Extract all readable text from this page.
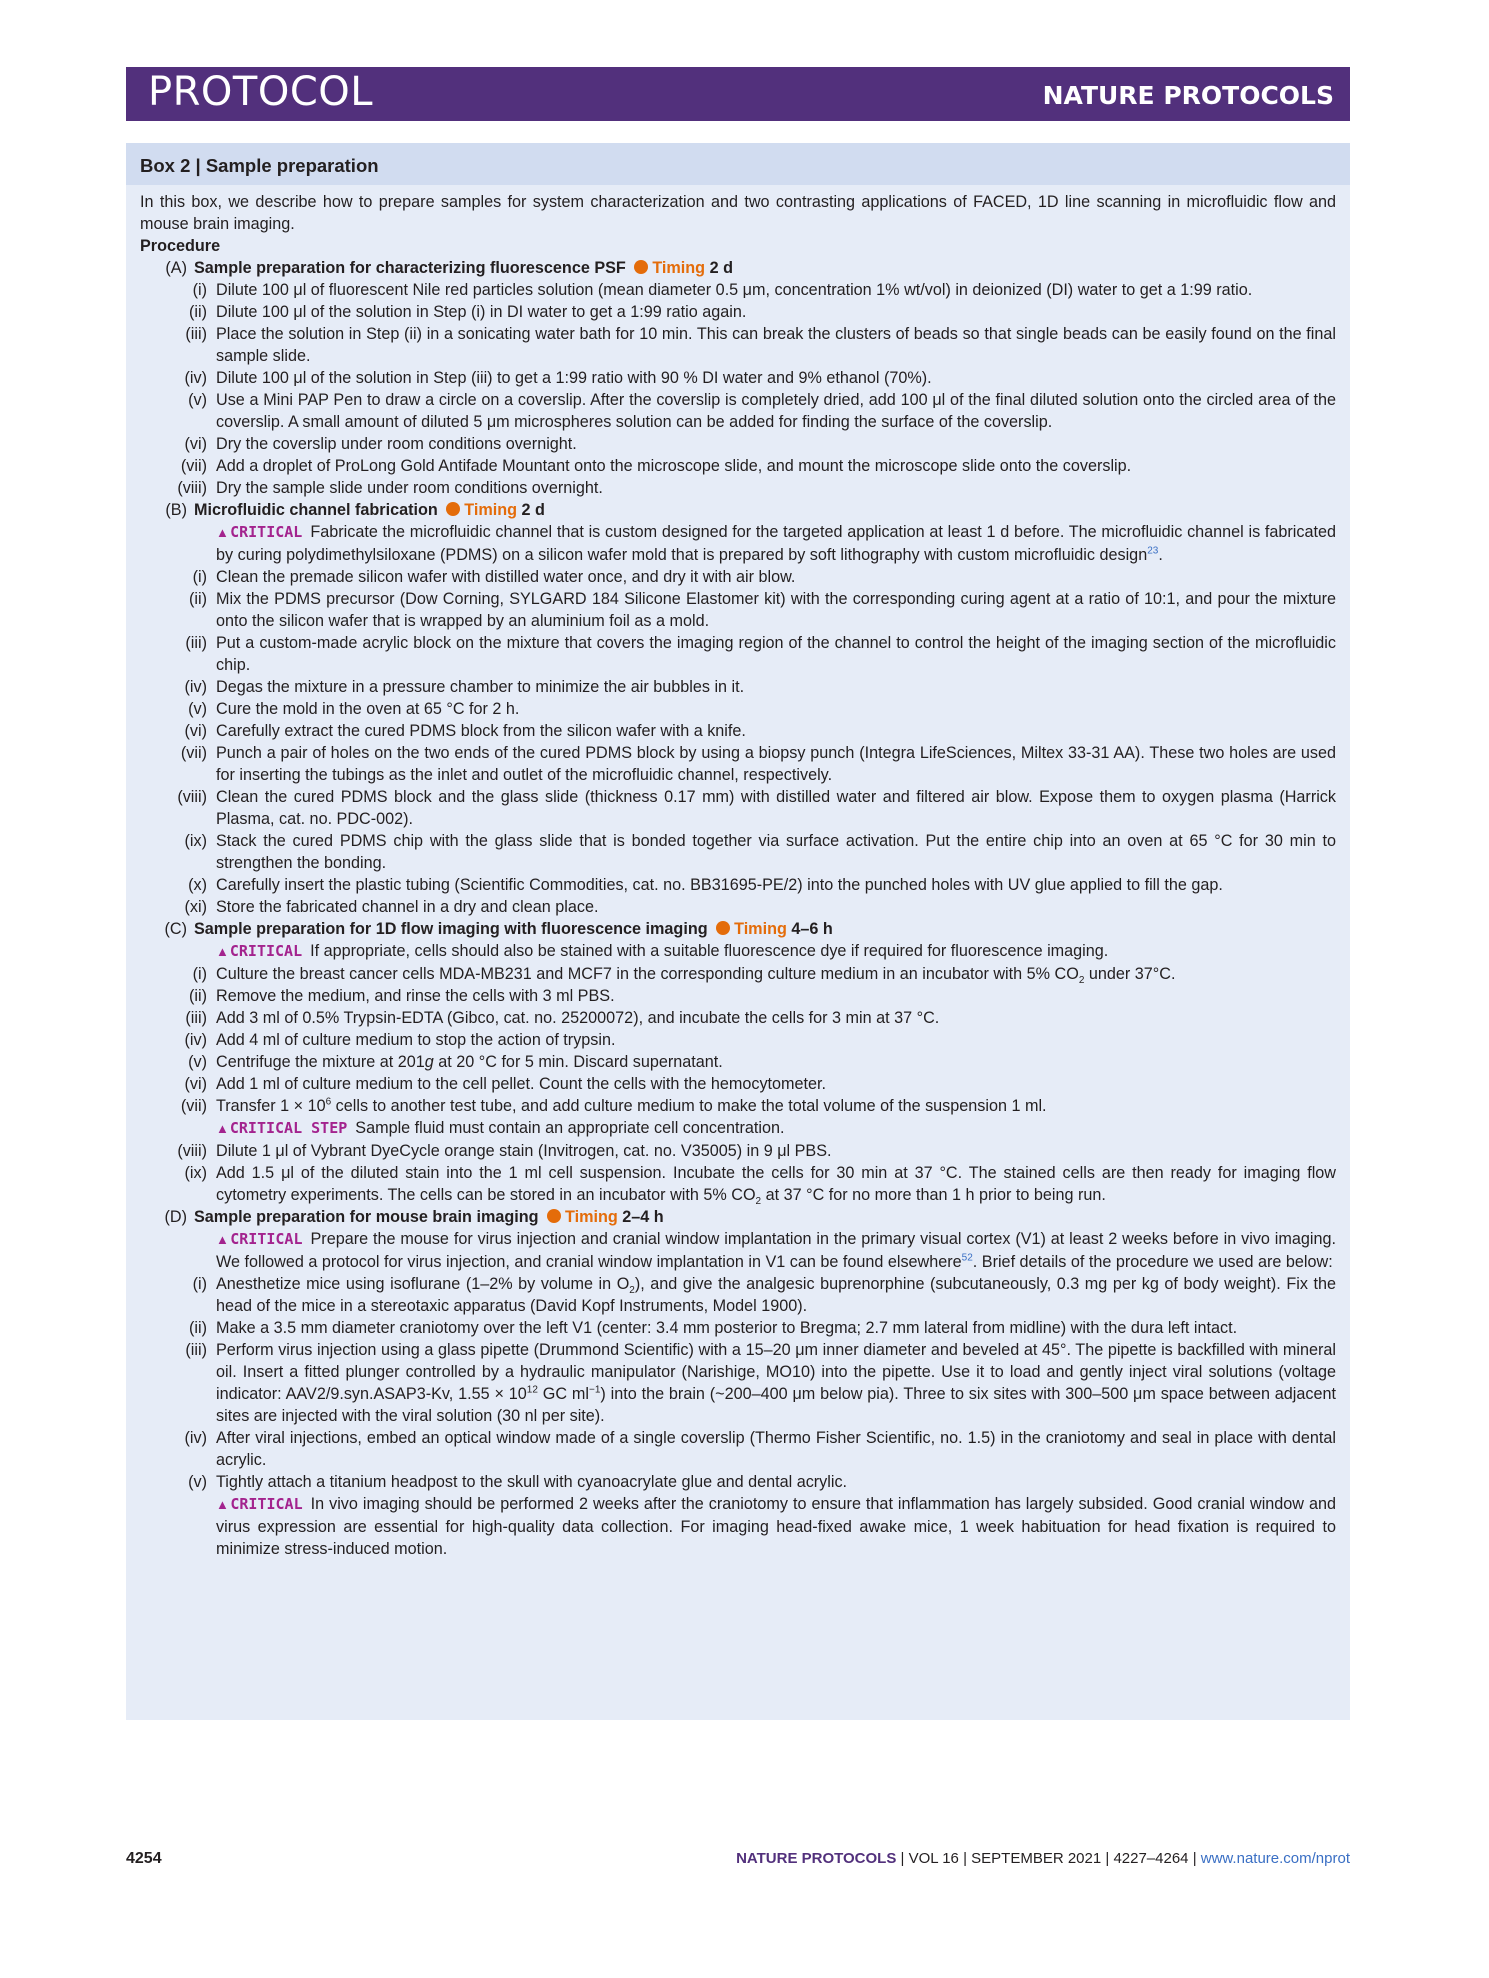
PROTOCOL	NATURE PROTOCOLS
Box 2 | Sample preparation

In this box, we describe how to prepare samples for system characterization and two contrasting applications of FACED, 1D line scanning in microfluidic flow and mouse brain imaging.

Procedure

(A) Sample preparation for characterizing fluorescence PSF Timing 2 d
(i) Dilute 100 μl of fluorescent Nile red particles solution (mean diameter 0.5 μm, concentration 1% wt/vol) in deionized (DI) water to get a 1:99 ratio.
(ii) Dilute 100 μl of the solution in Step (i) in DI water to get a 1:99 ratio again.
(iii) Place the solution in Step (ii) in a sonicating water bath for 10 min. This can break the clusters of beads so that single beads can be easily found on the final sample slide.
(iv) Dilute 100 μl of the solution in Step (iii) to get a 1:99 ratio with 90 % DI water and 9% ethanol (70%).
(v) Use a Mini PAP Pen to draw a circle on a coverslip. After the coverslip is completely dried, add 100 μl of the final diluted solution onto the circled area of the coverslip. A small amount of diluted 5 μm microspheres solution can be added for finding the surface of the coverslip.
(vi) Dry the coverslip under room conditions overnight.
(vii) Add a droplet of ProLong Gold Antifade Mountant onto the microscope slide, and mount the microscope slide onto the coverslip.
(viii) Dry the sample slide under room conditions overnight.
(B) Microfluidic channel fabrication Timing 2 d

▲CRITICAL Fabricate the microfluidic channel that is custom designed for the targeted application at least 1 d before. The microfluidic channel is fabricated by curing polydimethylsiloxane (PDMS) on a silicon wafer mold that is prepared by soft lithography with custom microfluidic design$^{23}$.

(i) Clean the premade silicon wafer with distilled water once, and dry it with air blow.
(ii) Mix the PDMS precursor (Dow Corning, SYLGARD 184 Silicone Elastomer kit) with the corresponding curing agent at a ratio of 10:1, and pour the mixture onto the silicon wafer that is wrapped by an aluminium foil as a mold.
(iii) Put a custom-made acrylic block on the mixture that covers the imaging region of the channel to control the height of the imaging section of the microfluidic chip.
(iv) Degas the mixture in a pressure chamber to minimize the air bubbles in it.
(v) Cure the mold in the oven at 65 °C for 2 h.
(vi) Carefully extract the cured PDMS block from the silicon wafer with a knife.
(vii) Punch a pair of holes on the two ends of the cured PDMS block by using a biopsy punch (Integra LifeSciences, Miltex 33-31 AA). These two holes are used for inserting the tubings as the inlet and outlet of the microfluidic channel, respectively.
(viii) Clean the cured PDMS block and the glass slide (thickness 0.17 mm) with distilled water and filtered air blow. Expose them to oxygen plasma (Harrick Plasma, cat. no. PDC-002).
(ix) Stack the cured PDMS chip with the glass slide that is bonded together via surface activation. Put the entire chip into an oven at 65 °C for 30 min to strengthen the bonding.
(x) Carefully insert the plastic tubing (Scientific Commodities, cat. no. BB31695-PE/2) into the punched holes with UV glue applied to fill the gap.
(xi) Store the fabricated channel in a dry and clean place.
(C) Sample preparation for 1D flow imaging with fluorescence imaging Timing 4–6 h

▲CRITICAL If appropriate, cells should also be stained with a suitable fluorescence dye if required for fluorescence imaging.

(i) Culture the breast cancer cells MDA-MB231 and MCF7 in the corresponding culture medium in an incubator with 5% $CO_2$ under 37°C.
(ii) Remove the medium, and rinse the cells with 3 ml PBS.
(iii) Add 3 ml of 0.5% Trypsin-EDTA (Gibco, cat. no. 25200072), and incubate the cells for 3 min at 37 °C.
(iv) Add 4 ml of culture medium to stop the action of trypsin.
(v) Centrifuge the mixture at 201g at 20 °C for 5 min. Discard supernatant.
(vi) Add 1 ml of culture medium to the cell pellet. Count the cells with the hemocytometer.
(vii) Transfer $1 \times 10^6$ cells to another test tube, and add culture medium to make the total volume of the suspension 1 ml.

▲CRITICAL STEP Sample fluid must contain an appropriate cell concentration.

(viii) Dilute 1 μl of Vybrant DyeCycle orange stain (Invitrogen, cat. no. V35005) in 9 μl PBS.
(ix) Add 1.5 μl of the diluted stain into the 1 ml cell suspension. Incubate the cells for 30 min at 37 °C. The stained cells are then ready for imaging flow cytometry experiments. The cells can be stored in an incubator with 5% $CO_2$ at 37 °C for no more than 1 h prior to being run.
(D) Sample preparation for mouse brain imaging Timing 2–4 h

▲CRITICAL Prepare the mouse for virus injection and cranial window implantation in the primary visual cortex (V1) at least 2 weeks before in vivo imaging. We followed a protocol for virus injection, and cranial window implantation in V1 can be found elsewhere$^{52}$. Brief details of the procedure we used are below:

(i) Anesthetize mice using isoflurane (1–2% by volume in $O_2$), and give the analgesic buprenorphine (subcutaneously, 0.3 mg per kg of body weight). Fix the head of the mice in a stereotaxic apparatus (David Kopf Instruments, Model 1900).
(ii) Make a 3.5 mm diameter craniotomy over the left V1 (center: 3.4 mm posterior to Bregma; 2.7 mm lateral from midline) with the dura left intact.
(iii) Perform virus injection using a glass pipette (Drummond Scientific) with a 15–20 μm inner diameter and beveled at 45°. The pipette is backfilled with mineral oil. Insert a fitted plunger controlled by a hydraulic manipulator (Narishige, MO10) into the pipette. Use it to load and gently inject viral solutions (voltage indicator: AAV2/9.syn.ASAP3-Kv, $1.55 \times 10^{12}$ GC $ml^{-1}$) into the brain (~200–400 μm below pia). Three to six sites with 300–500 μm space between adjacent sites are injected with the viral solution (30 nl per site).
(iv) After viral injections, embed an optical window made of a single coverslip (Thermo Fisher Scientific, no. 1.5) in the craniotomy and seal in place with dental acrylic.
(v) Tightly attach a titanium headpost to the skull with cyanoacrylate glue and dental acrylic.

▲CRITICAL In vivo imaging should be performed 2 weeks after the craniotomy to ensure that inflammation has largely subsided. Good cranial window and virus expression are essential for high-quality data collection. For imaging head-fixed awake mice, 1 week habituation for head fixation is required to minimize stress-induced motion.

4254	NATURE PROTOCOLS | VOL 16 | SEPTEMBER 2021 | 4227–4264 | www.nature.com/nprot
